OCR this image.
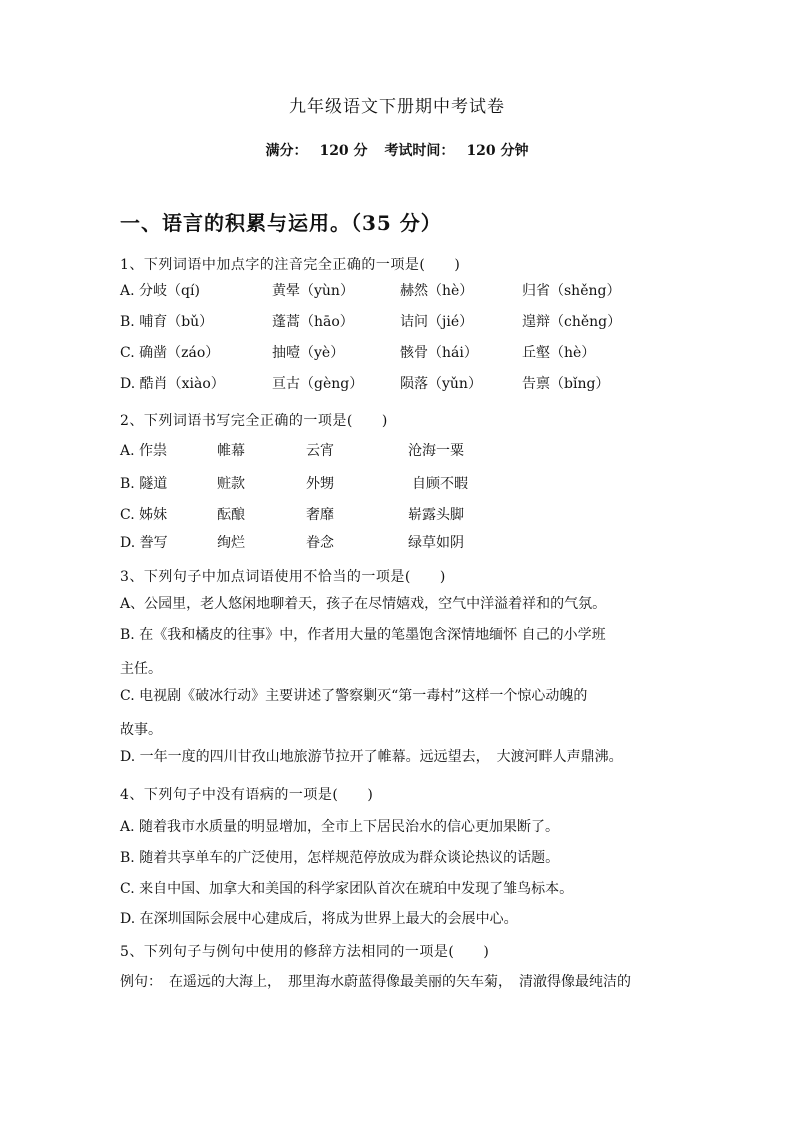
九年级语文下册期中考试卷
满分： 120 分 考试时间： 120 分钟
一、语言的积累与运用。（35 分）
1、下列词语中加点字的注音完全正确的一项是(　　)
A. 分岐（qí)	黄晕（yùn）	赫然（hè）	归省（shěng）
B. 哺育（bǔ）	蓬蒿（hāo）	诘问（jié）	遑辩（chěng）
C. 确凿（záo）	抽噎（yè）	骸骨（hái）	丘壑（hè）
D. 酷肖（xiào）	亘古（gèng）	陨落（yǔn）	告禀（bǐng）
2、下列词语书写完全正确的一项是(　　)
A. 作祟	帷幕	云宵	沧海一粟
B. 隧道	赃款	外甥	自顾不暇
C. 姊妹	酝酿	奢靡	崭露头脚
D. 誊写	绚烂	眷念	绿草如阴
3、下列句子中加点词语使用不恰当的一项是(　　)
A、公园里，老人悠闲地聊着天，孩子在尽情嬉戏，空气中洋溢着祥和的气氛。
B. 在《我和橘皮的往事》中，作者用大量的笔墨饱含深情地缅怀 自己的小学班
主任。
C. 电视剧《破冰行动》主要讲述了警察剿灭“第一毒村”这样一个惊心动魄的
故事。
D. 一年一度的四川甘孜山地旅游节拉开了帷幕。远远望去，　大渡河畔人声鼎沸。
4、下列句子中没有语病的一项是(　　)
A. 随着我市水质量的明显增加，全市上下居民治水的信心更加果断了。
B. 随着共享单车的广泛使用，怎样规范停放成为群众谈论热议的话题。
C. 来自中国、加拿大和美国的科学家团队首次在琥珀中发现了雏鸟标本。
D. 在深圳国际会展中心建成后，将成为世界上最大的会展中心。
5、下列句子与例句中使用的修辞方法相同的一项是(　　)
例句：　在遥远的大海上，　那里海水蔚蓝得像最美丽的矢车菊，　清澈得像最纯洁的
